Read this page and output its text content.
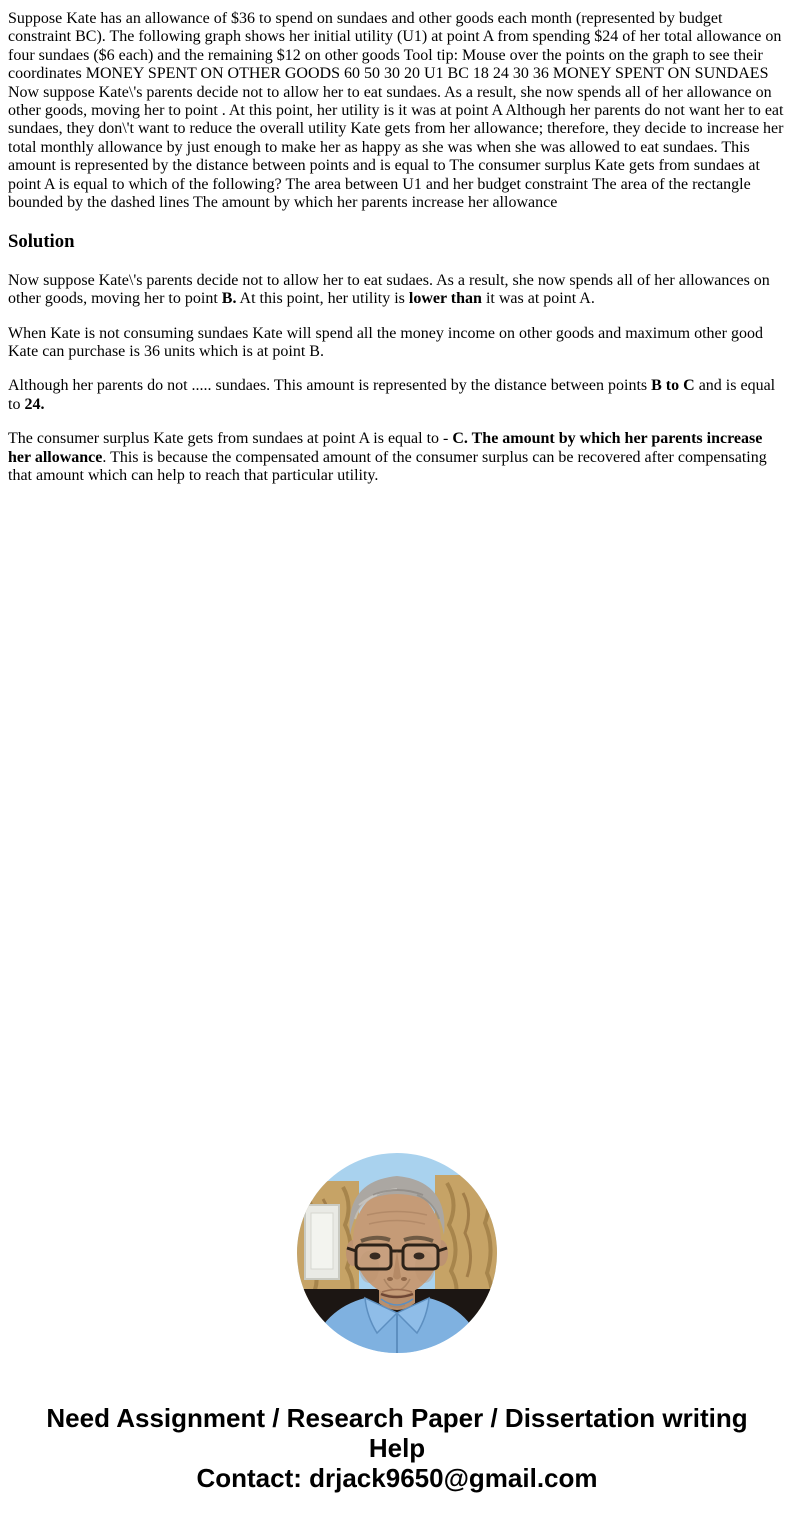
Suppose Kate has an allowance of $36 to spend on sundaes and other goods each month (represented by budget constraint BC). The following graph shows her initial utility (U1) at point A from spending $24 of her total allowance on four sundaes ($6 each) and the remaining $12 on other goods Tool tip: Mouse over the points on the graph to see their coordinates MONEY SPENT ON OTHER GOODS 60 50 30 20 U1 BC 18 24 30 36 MONEY SPENT ON SUNDAES Now suppose Kate\'s parents decide not to allow her to eat sundaes. As a result, she now spends all of her allowance on other goods, moving her to point . At this point, her utility is it was at point A Although her parents do not want her to eat sundaes, they don\'t want to reduce the overall utility Kate gets from her allowance; therefore, they decide to increase her total monthly allowance by just enough to make her as happy as she was when she was allowed to eat sundaes. This amount is represented by the distance between points and is equal to The consumer surplus Kate gets from sundaes at point A is equal to which of the following? The area between U1 and her budget constraint The area of the rectangle bounded by the dashed lines The amount by which her parents increase her allowance
Solution

Now suppose Kate\'s parents decide not to allow her to eat sudaes. As a result, she now spends all of her allowances on other goods, moving her to point B. At this point, her utility is lower than it was at point A.

When Kate is not consuming sundaes Kate will spend all the money income on other goods and maximum other good Kate can purchase is 36 units which is at point B.

Although her parents do not ..... sundaes. This amount is represented by the distance between points B to C and is equal to 24.

The consumer surplus Kate gets from sundaes at point A is equal to - C. The amount by which her parents increase her allowance. This is because the compensated amount of the consumer surplus can be recovered after compensating that amount which can help to reach that particular utility.

Need Assignment / Research Paper / Dissertation writing Help
Contact: drjack9650@gmail.com
